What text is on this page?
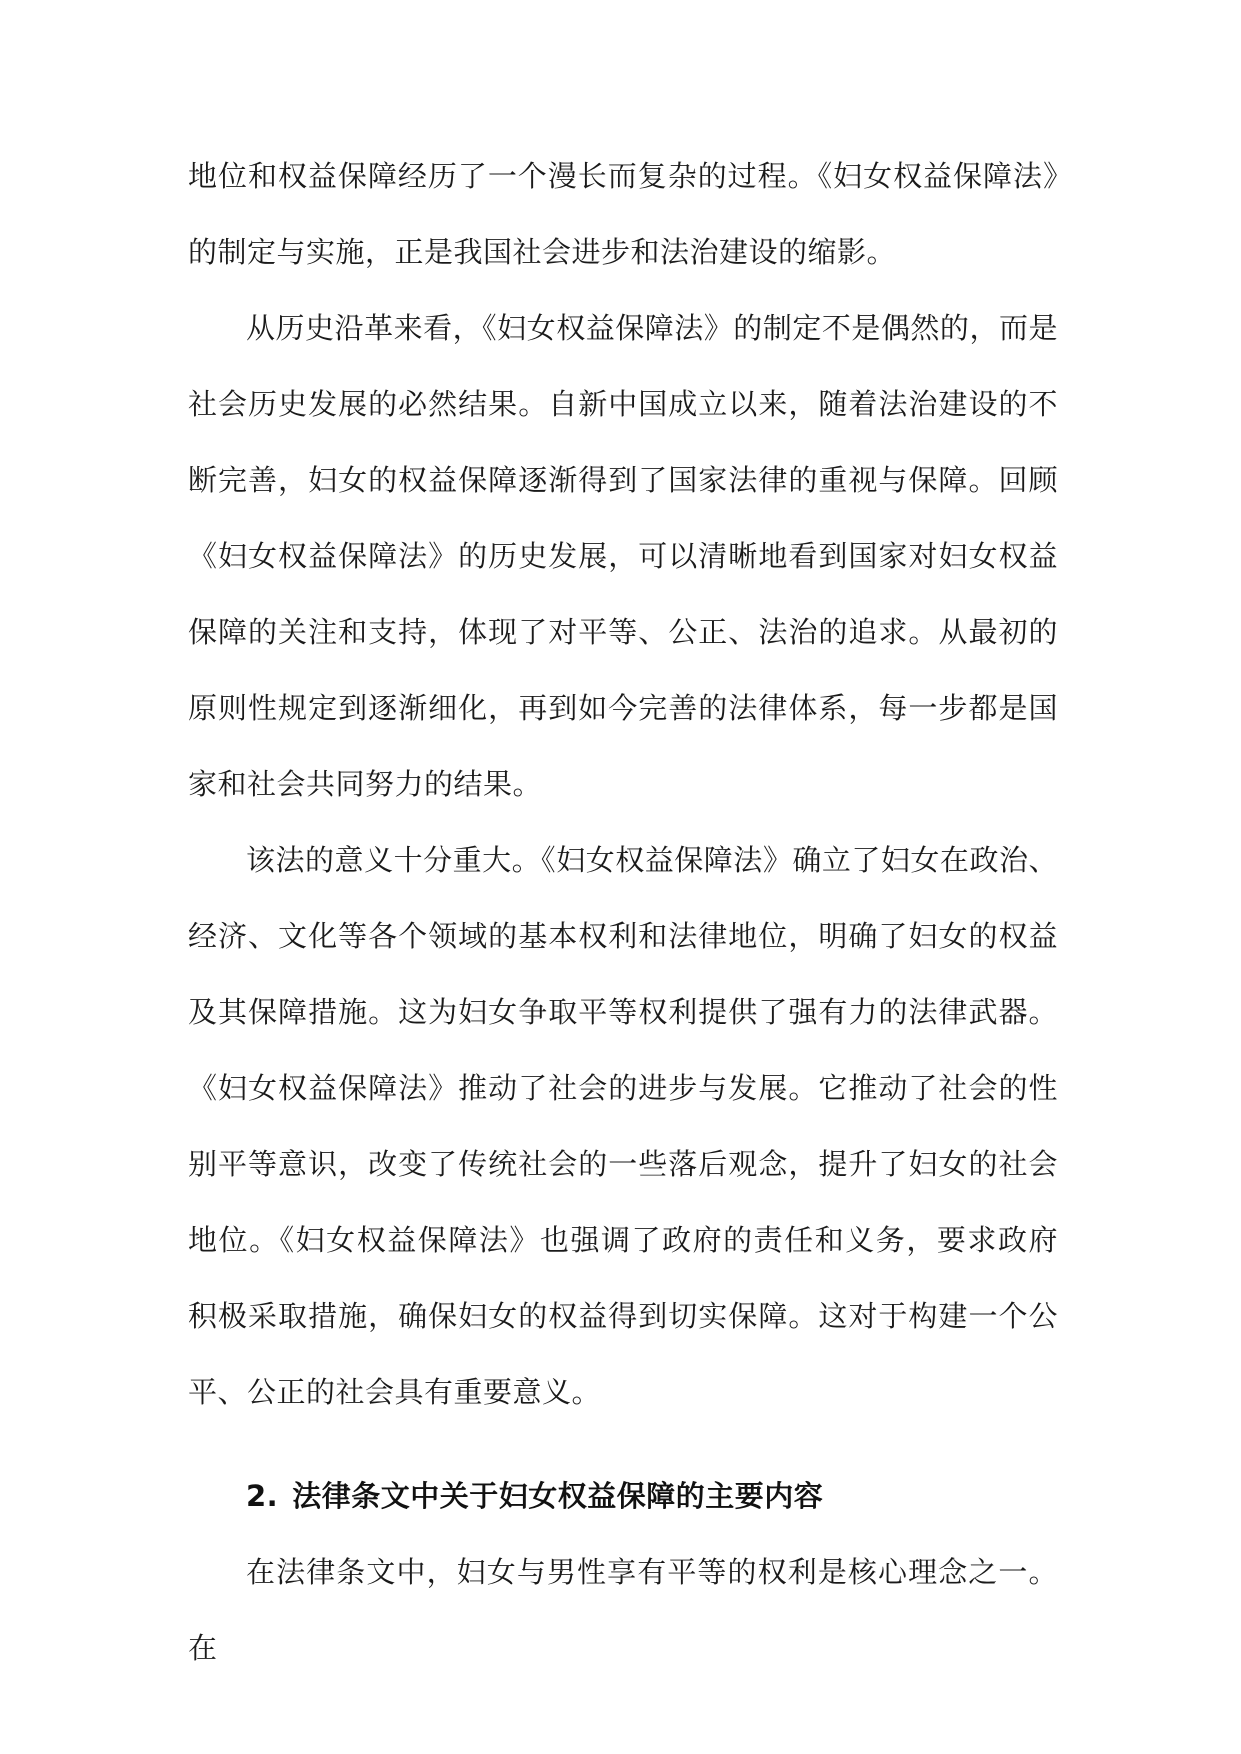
地位和权益保障经历了一个漫长而复杂的过程。《妇女权益保障法》的制定与实施，正是我国社会进步和法治建设的缩影。

从历史沿革来看，《妇女权益保障法》的制定不是偶然的，而是社会历史发展的必然结果。自新中国成立以来，随着法治建设的不断完善，妇女的权益保障逐渐得到了国家法律的重视与保障。回顾《妇女权益保障法》的历史发展，可以清晰地看到国家对妇女权益保障的关注和支持，体现了对平等、公正、法治的追求。从最初的原则性规定到逐渐细化，再到如今完善的法律体系，每一步都是国家和社会共同努力的结果。

该法的意义十分重大。《妇女权益保障法》确立了妇女在政治、经济、文化等各个领域的基本权利和法律地位，明确了妇女的权益及其保障措施。这为妇女争取平等权利提供了强有力的法律武器。《妇女权益保障法》推动了社会的进步与发展。它推动了社会的性别平等意识，改变了传统社会的一些落后观念，提升了妇女的社会地位。《妇女权益保障法》也强调了政府的责任和义务，要求政府积极采取措施，确保妇女的权益得到切实保障。这对于构建一个公平、公正的社会具有重要意义。

2. 法律条文中关于妇女权益保障的主要内容

在法律条文中，妇女与男性享有平等的权利是核心理念之一。在
